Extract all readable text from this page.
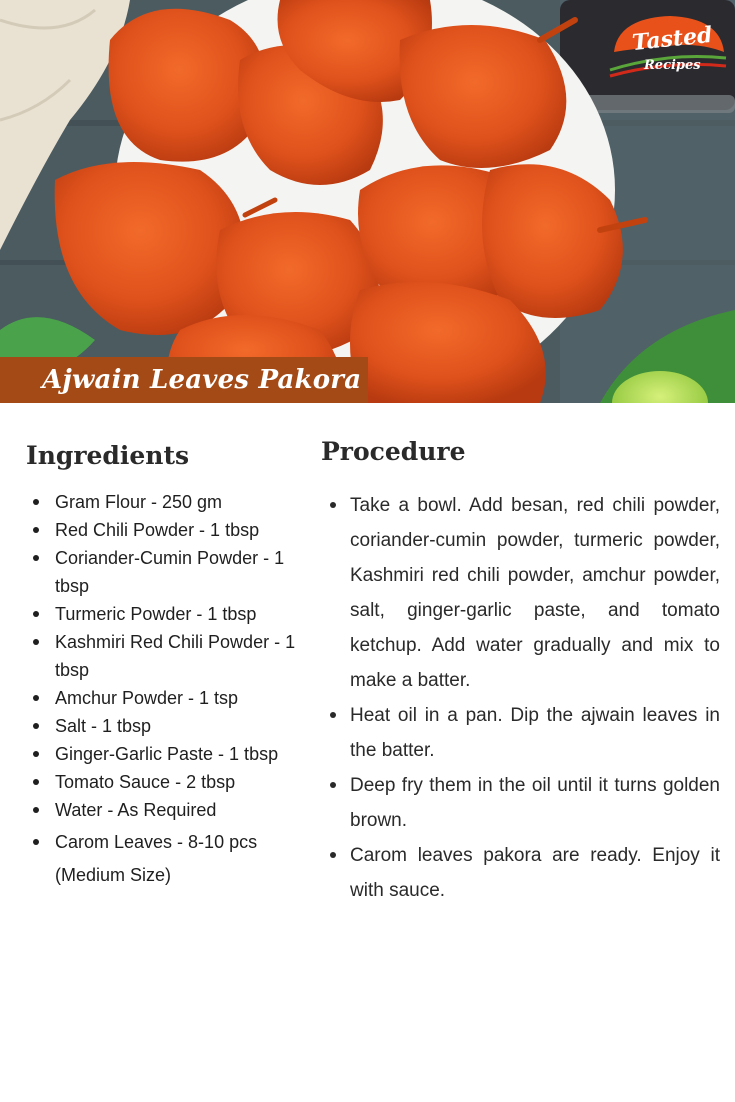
Tasted
Recipes
Ajwain Leaves Pakora
Ingredients
Gram Flour - 250 gm
Red Chili Powder - 1 tbsp
Coriander-Cumin Powder - 1 tbsp
Turmeric Powder - 1 tbsp
Kashmiri Red Chili Powder - 1 tbsp
Amchur Powder - 1 tsp
Salt - 1 tbsp
Ginger-Garlic Paste - 1 tbsp
Tomato Sauce - 2 tbsp
Water - As Required
Carom Leaves - 8-10 pcs (Medium Size)
Procedure
Take a bowl. Add besan, red chili powder, coriander-cumin powder, turmeric powder, Kashmiri red chili powder, amchur powder, salt, ginger-garlic paste, and tomato ketchup. Add water gradually and mix to make a batter.
Heat oil in a pan. Dip the ajwain leaves in the batter.
Deep fry them in the oil until it turns golden brown.
Carom leaves pakora are ready. Enjoy it with sauce.
